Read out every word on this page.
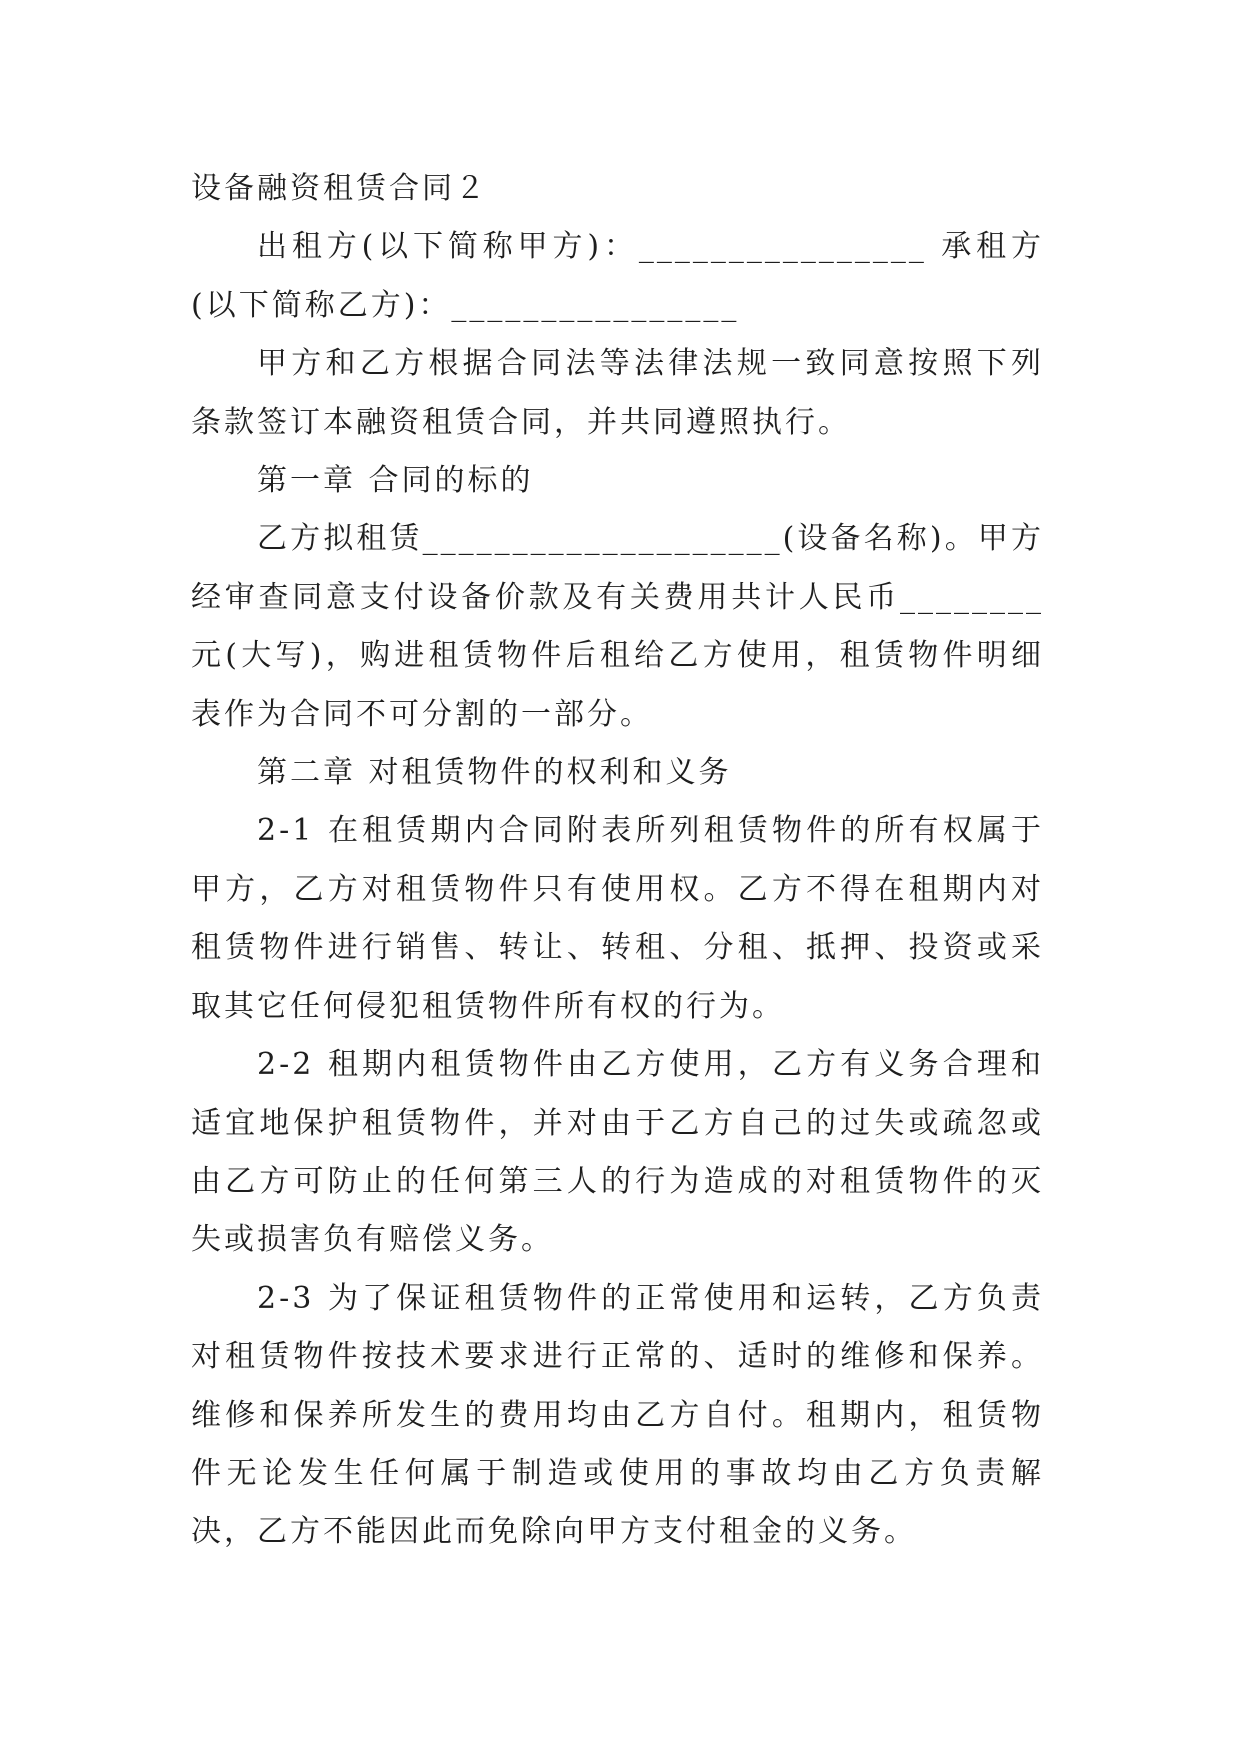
设备融资租赁合同２

出租方(以下简称甲方)：________________ 承租方(以下简称乙方)：________________

甲方和乙方根据合同法等法律法规一致同意按照下列条款签订本融资租赁合同，并共同遵照执行。

第一章 合同的标的

乙方拟租赁____________________(设备名称)。甲方经审查同意支付设备价款及有关费用共计人民币________元(大写)，购进租赁物件后租给乙方使用，租赁物件明细表作为合同不可分割的一部分。

第二章 对租赁物件的权利和义务

2-1 在租赁期内合同附表所列租赁物件的所有权属于甲方，乙方对租赁物件只有使用权。乙方不得在租期内对租赁物件进行销售、转让、转租、分租、抵押、投资或采取其它任何侵犯租赁物件所有权的行为。

2-2 租期内租赁物件由乙方使用，乙方有义务合理和适宜地保护租赁物件，并对由于乙方自己的过失或疏忽或由乙方可防止的任何第三人的行为造成的对租赁物件的灭失或损害负有赔偿义务。

2-3 为了保证租赁物件的正常使用和运转，乙方负责对租赁物件按技术要求进行正常的、适时的维修和保养。维修和保养所发生的费用均由乙方自付。租期内，租赁物件无论发生任何属于制造或使用的事故均由乙方负责解决，乙方不能因此而免除向甲方支付租金的义务。
